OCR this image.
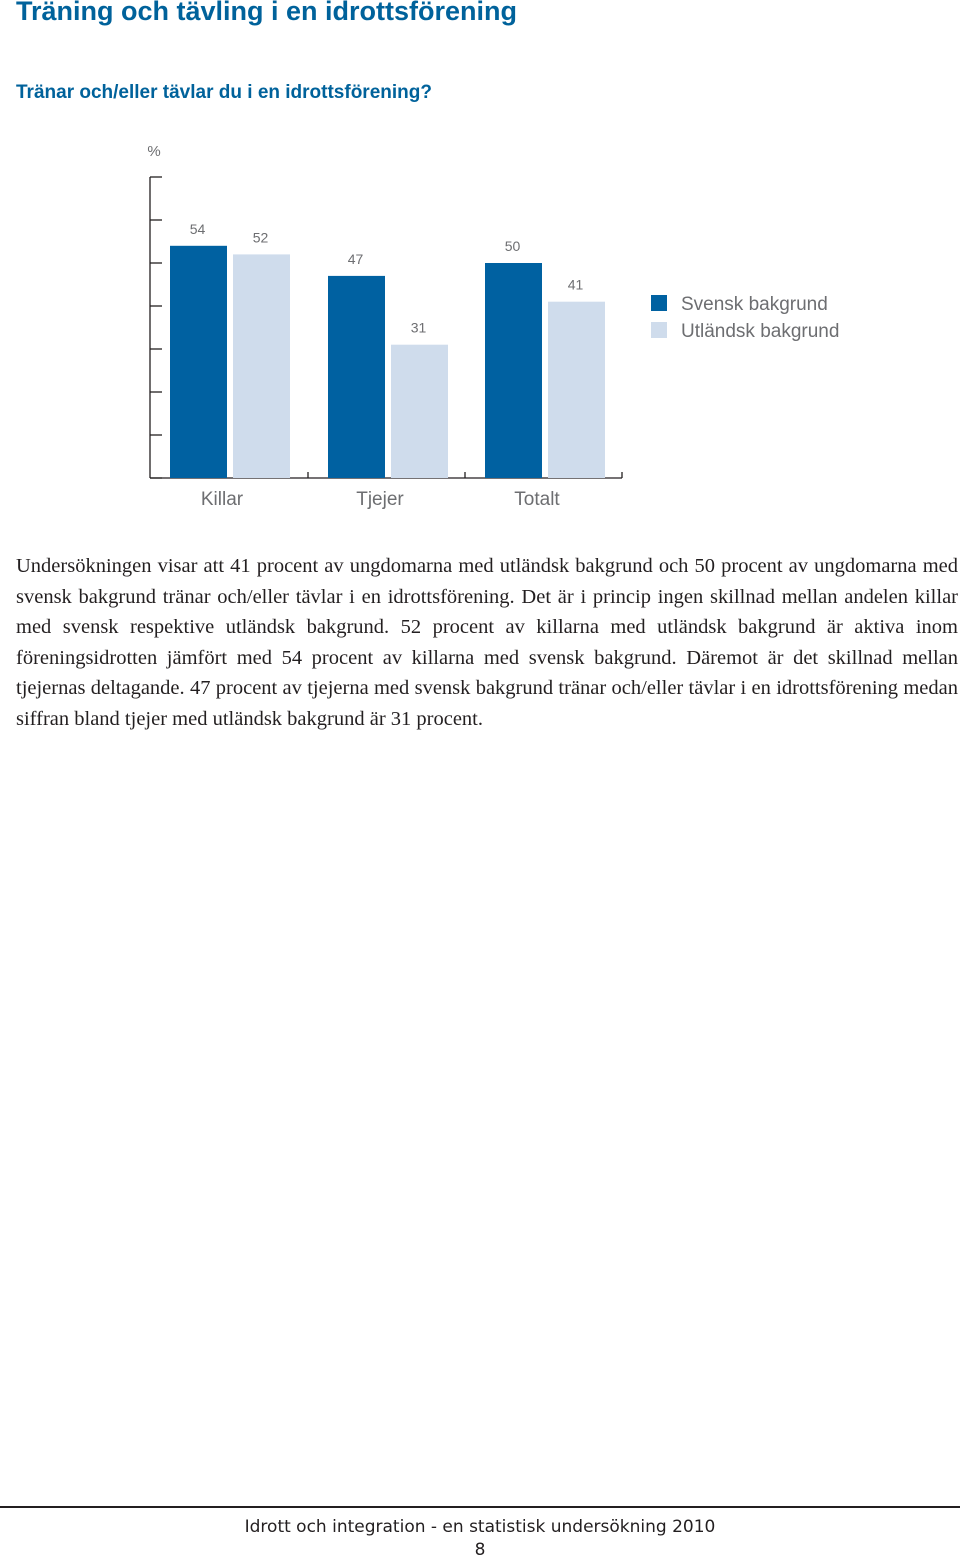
Träning och tävling i en idrottsförening
Tränar och/eller tävlar du i en idrottsförening?
%
54
52
47
31
50
41
Killar	Tjejer	Totalt
Svensk bakgrund
Utländsk bakgrund

Undersökningen visar att 41 procent av ungdomarna med utländsk bakgrund och 50 procent av ungdomarna med svensk bakgrund tränar och/eller tävlar i en idrottsförening. Det är i princip ingen skillnad mellan andelen killar med svensk respektive utländsk bakgrund. 52 procent av killarna med utländsk bakgrund är aktiva inom föreningsidrotten jämfört med 54 procent av killarna med svensk bakgrund. Däremot är det skillnad mellan tjejernas deltagande. 47 procent av tjejerna med svensk bakgrund tränar och/eller tävlar i en idrottsförening medan siffran bland tjejer med utländsk bakgrund är 31 procent.

Idrott och integration - en statistisk undersökning 2010
8
